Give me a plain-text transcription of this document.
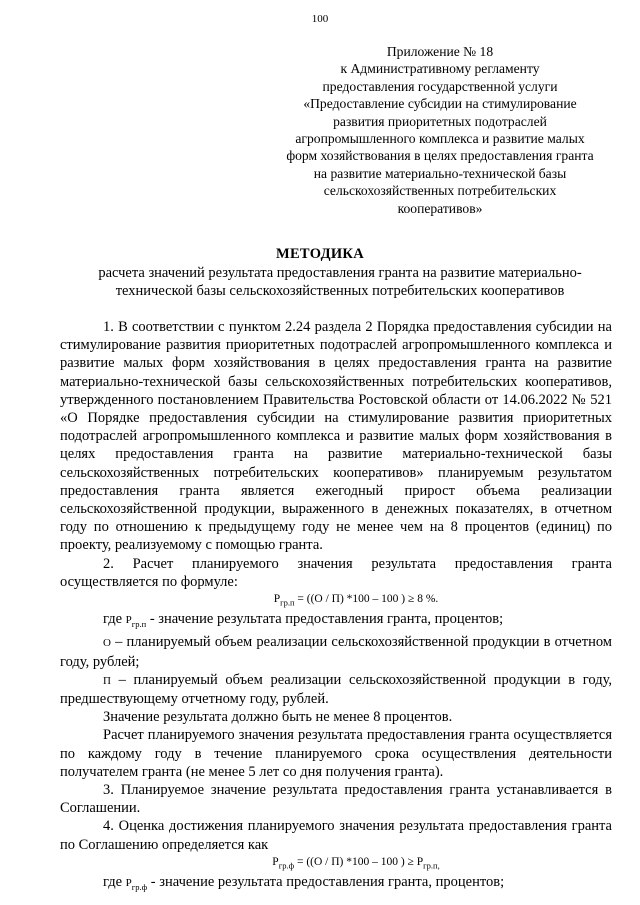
100
Приложение № 18
к Административному регламенту
предоставления государственной услуги
«Предоставление субсидии на стимулирование
развития приоритетных подотраслей
агропромышленного комплекса и развитие малых
форм хозяйствования в целях предоставления гранта
на развитие материально-технической базы
сельскохозяйственных потребительских
кооперативов»
МЕТОДИКА
расчета значений результата предоставления гранта на развитие материально-технической базы сельскохозяйственных потребительских кооперативов

1. В соответствии с пунктом 2.24 раздела 2 Порядка предоставления субсидии на стимулирование развития приоритетных подотраслей агропромышленного комплекса и развитие малых форм хозяйствования в целях предоставления гранта на развитие материально-технической базы сельскохозяйственных потребительских кооперативов, утвержденного постановлением Правительства Ростовской области от 14.06.2022 № 521 «О Порядке предоставления субсидии на стимулирование развития приоритетных подотраслей агропромышленного комплекса и развитие малых форм хозяйствования в целях предоставления гранта на развитие материально-технической базы сельскохозяйственных потребительских кооперативов» планируемым результатом предоставления гранта является ежегодный прирост объема реализации сельскохозяйственной продукции, выраженного в денежных показателях, в отчетном году по отношению к предыдущему году не менее чем на 8 процентов (единиц) по проекту, реализуемому с помощью гранта.

2. Расчет планируемого значения результата предоставления гранта осуществляется по формуле:

$P_{гр.п} = ((О / П)$ *100 – 100 ) ≥ 8 %.

где $P_{гр.п}$ - значение результата предоставления гранта, процентов;

О – планируемый объем реализации сельскохозяйственной продукции в отчетном году, рублей;

П – планируемый объем реализации сельскохозяйственной продукции в году, предшествующему отчетному году, рублей.

Значение результата должно быть не менее 8 процентов.

Расчет планируемого значения результата предоставления гранта осуществляется по каждому году в течение планируемого срока осуществления деятельности получателем гранта (не менее 5 лет со дня получения гранта).

3. Планируемое значение результата предоставления гранта устанавливается в Соглашении.

4. Оценка достижения планируемого значения результата предоставления гранта по Соглашению определяется как

$P_{гр.ф} = ((О / П)$ *100 – 100 ) ≥ $P_{гр.п,}$

где $P_{гр.ф}$ - значение результата предоставления гранта, процентов;
